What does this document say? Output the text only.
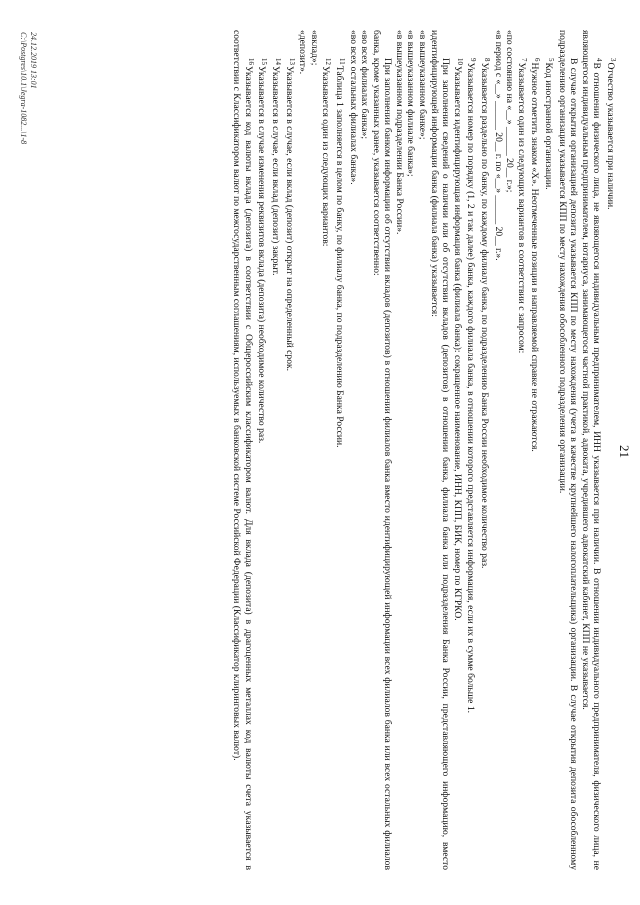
21

$^3$Отчество указывается при наличии.

$^4$В отношении физического лица, не являющегося индивидуальным предпринимателем, ИНН указывается при наличии. В отношении индивидуального предпринимателя, физического лица, не являющегося индивидуальным предпринимателем, нотариуса, занимающегося частной практикой, адвоката, учредившего адвокатский кабинет, КПП не указывается.

В случае открытия организацией депозита указывается КПП по месту нахождения (учета в качестве крупнейшего налогоплательщика) организации. В случае открытия депозита обособленному подразделению организации указывается КПП по месту нахождения обособленного подразделения организации.

$^5$Код иностранной организации.

$^6$Нужное отметить знаком «Х». Неотмеченные позиции в направляемой справке не отражаются.

$^7$Указывается один из следующих вариантов в соответствии с запросом:

«по состоянию на «__» ______ 20__ г.»;

«в период с «__» ______ 20__ г. по «__» ______ 20__ г.».

$^8$Указывается раздельно по банку, по каждому филиалу банка, по подразделению Банка России необходимое количество раз.

$^9$Указывается номер по порядку (1, 2 и так далее) банка, каждого филиала банка, в отношении которого представляется информация, если их в сумме больше 1.

$^{10}$Указывается идентифицирующая информация банка (филиала банка): сокращенное наименование, ИНН, КПП, БИК, номер по КГРКО.

При заполнении сведений о наличии или об отсутствии вкладов (депозитов) в отношении банка, филиала банка или подразделения Банка России, представляющего информацию, вместо идентифицирующей информации банка (филиала банка) указывается:

«в вышеуказанном банке»;

«в вышеуказанном филиале банка»;

«в вышеуказанном подразделении Банка России».

При заполнении банком информации об отсутствии вкладов (депозитов) в отношении филиалов банка вместо идентифицирующей информации всех филиалов банка или всех остальных филиалов банка, кроме указанных ранее, указывается соответственно:

«во всех филиалах банка»;

«во всех остальных филиалах банка».

$^{11}$Таблица 1 заполняется в целом по банку, по филиалу банка, по подразделению Банка России.

$^{12}$Указывается один из следующих вариантов:

«вклад»;

«депозит».

$^{13}$Указывается в случае, если вклад (депозит) открыт на определенный срок.

$^{14}$Указывается в случае, если вклад (депозит) закрыт.

$^{15}$Указывается в случае изменения реквизитов вклада (депозита) необходимое количество раз.

$^{16}$Указывается код валюты вклада (депозита) в соответствии с Общероссийским классификатором валют. Для вклада (депозита) в драгоценных металлах код валюты счета указывается в соответствии с Классификатором валют по межгосударственным соглашениям, используемых в банковской системе Российской Федерации (Классификатор клиринговых валют).

24.12.2019 13:01
C:\Postgres\10.1\Jegra-1082...\1-8
